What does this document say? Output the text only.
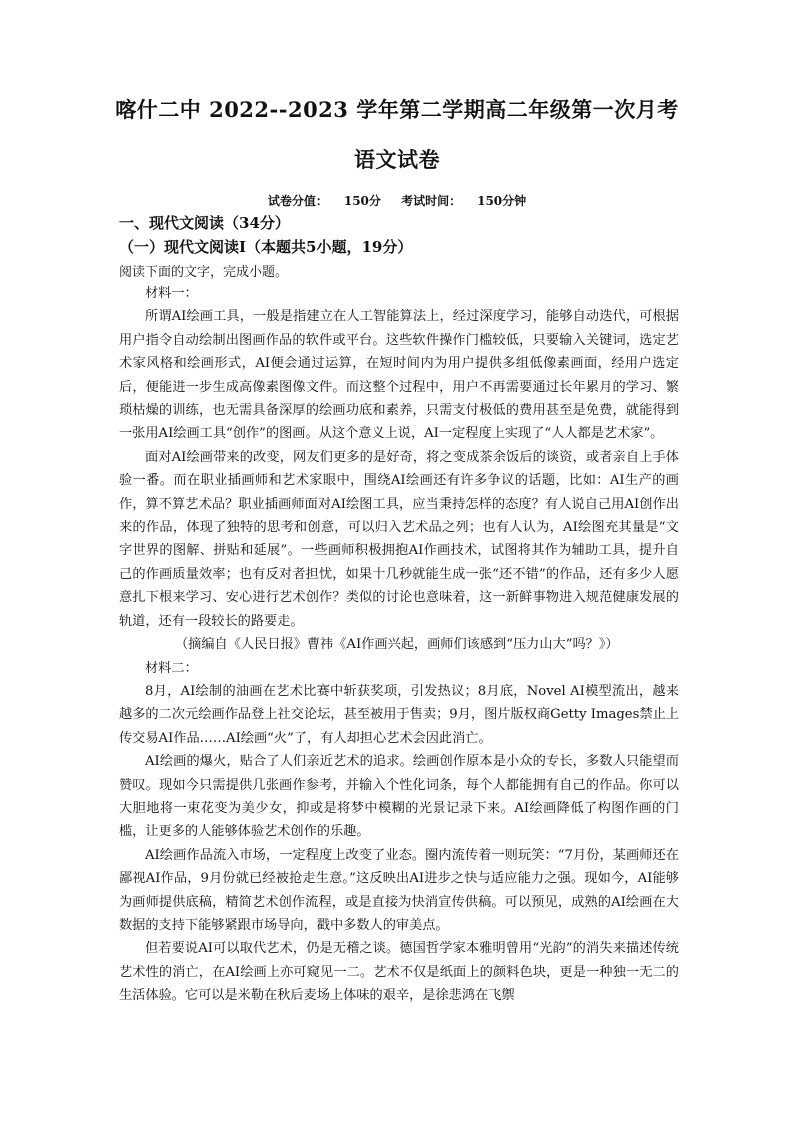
喀什二中 2022--2023 学年第二学期高二年级第一次月考
语文试卷
试卷分值： 150分 考试时间： 150分钟
一、现代文阅读（34分）
（一）现代文阅读Ⅰ（本题共5小题，19分）
阅读下面的文字，完成小题。

材料一：

所谓AI绘画工具，一般是指建立在人工智能算法上，经过深度学习，能够自动迭代，可根据用户指令自动绘制出图画作品的软件或平台。这些软件操作门槛较低，只要输入关键词，选定艺术家风格和绘画形式，AI便会通过运算，在短时间内为用户提供多组低像素画面，经用户选定后，便能进一步生成高像素图像文件。而这整个过程中，用户不再需要通过长年累月的学习、繁琐枯燥的训练，也无需具备深厚的绘画功底和素养，只需支付极低的费用甚至是免费，就能得到一张用AI绘画工具“创作”的图画。从这个意义上说，AI一定程度上实现了“人人都是艺术家”。

面对AI绘画带来的改变，网友们更多的是好奇，将之变成茶余饭后的谈资，或者亲自上手体验一番。而在职业插画师和艺术家眼中，围绕AI绘画还有许多争议的话题，比如：AI生产的画作，算不算艺术品？职业插画师面对AI绘图工具，应当秉持怎样的态度？有人说自己用AI创作出来的作品，体现了独特的思考和创意，可以归入艺术品之列；也有人认为，AI绘图充其量是“文字世界的图解、拼贴和延展”。一些画师积极拥抱AI作画技术，试图将其作为辅助工具，提升自己的作画质量效率；也有反对者担忧，如果十几秒就能生成一张“还不错”的作品，还有多少人愿意扎下根来学习、安心进行艺术创作？类似的讨论也意味着，这一新鲜事物进入规范健康发展的轨道，还有一段较长的路要走。

（摘编自《人民日报》曹祎《AI作画兴起，画师们该感到“压力山大”吗？》）

材料二：

8月，AI绘制的油画在艺术比赛中斩获奖项，引发热议；8月底，Novel AI模型流出，越来越多的二次元绘画作品登上社交论坛，甚至被用于售卖；9月，图片版权商Getty Images禁止上传交易AI作品……AI绘画“火”了，有人却担心艺术会因此消亡。

AI绘画的爆火，贴合了人们亲近艺术的追求。绘画创作原本是小众的专长，多数人只能望而赞叹。现如今只需提供几张画作参考，并输入个性化词条，每个人都能拥有自己的作品。你可以大胆地将一束花变为美少女，抑或是将梦中模糊的光景记录下来。AI绘画降低了构图作画的门槛，让更多的人能够体验艺术创作的乐趣。

AI绘画作品流入市场，一定程度上改变了业态。圈内流传着一则玩笑：“7月份，某画师还在鄙视AI作品，9月份就已经被抢走生意。”这反映出AI进步之快与适应能力之强。现如今，AI能够为画师提供底稿，精简艺术创作流程，或是直接为快消宣传供稿。可以预见，成熟的AI绘画在大数据的支持下能够紧跟市场导向，戳中多数人的审美点。

但若要说AI可以取代艺术，仍是无稽之谈。德国哲学家本雅明曾用“光韵”的消失来描述传统艺术性的消亡，在AI绘画上亦可窥见一二。艺术不仅是纸面上的颜料色块，更是一种独一无二的生活体验。它可以是米勒在秋后麦场上体味的艰辛，是徐悲鸿在飞禦
